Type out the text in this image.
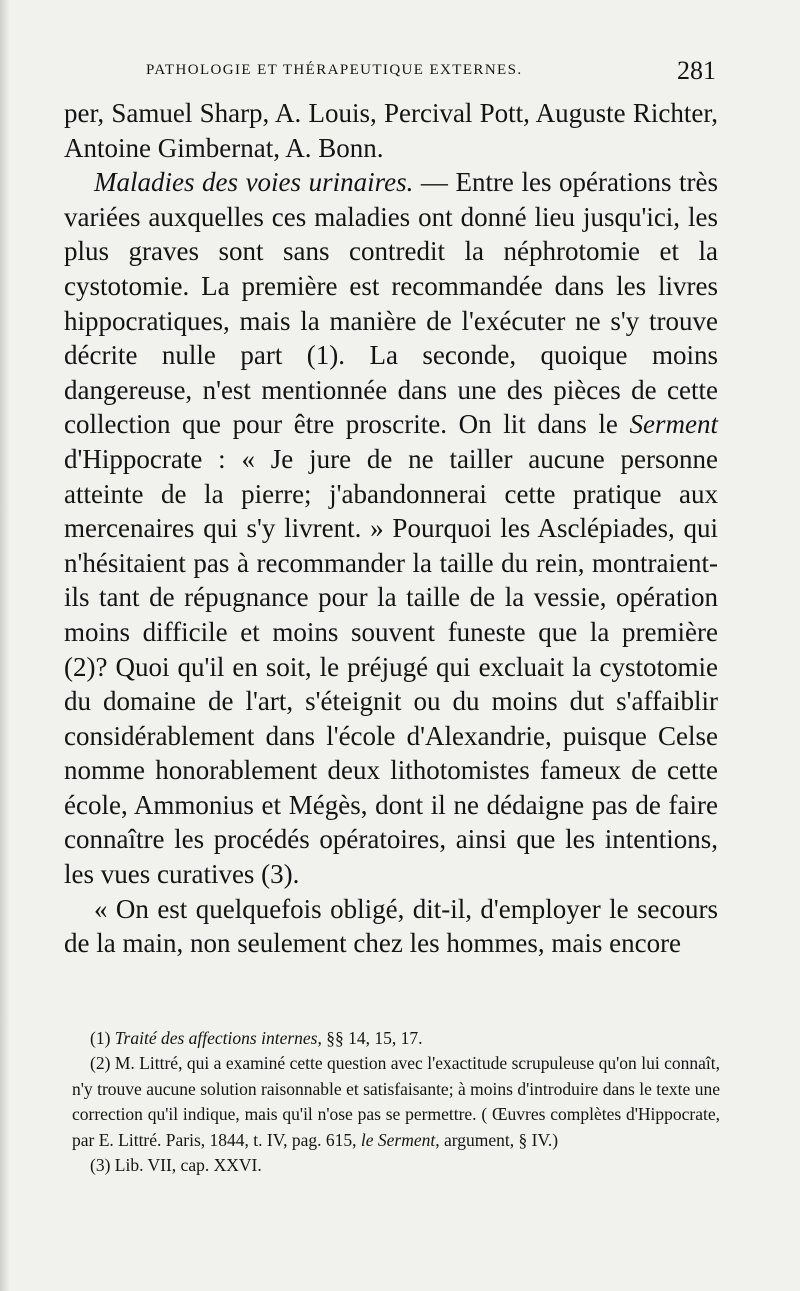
PATHOLOGIE ET THÉRAPEUTIQUE EXTERNES.	281

per, Samuel Sharp, A. Louis, Percival Pott, Auguste Richter, Antoine Gimbernat, A. Bonn.

Maladies des voies urinaires. — Entre les opérations très variées auxquelles ces maladies ont donné lieu jusqu'ici, les plus graves sont sans contredit la néphrotomie et la cystotomie. La première est recommandée dans les livres hippocratiques, mais la manière de l'exécuter ne s'y trouve décrite nulle part (1). La seconde, quoique moins dangereuse, n'est mentionnée dans une des pièces de cette collection que pour être proscrite. On lit dans le Serment d'Hippocrate : « Je jure de ne tailler aucune personne atteinte de la pierre; j'abandonnerai cette pratique aux mercenaires qui s'y livrent. » Pourquoi les Asclépiades, qui n'hésitaient pas à recommander la taille du rein, montraient-ils tant de répugnance pour la taille de la vessie, opération moins difficile et moins souvent funeste que la première (2)? Quoi qu'il en soit, le préjugé qui excluait la cystotomie du domaine de l'art, s'éteignit ou du moins dut s'affaiblir considérablement dans l'école d'Alexandrie, puisque Celse nomme honorablement deux lithotomistes fameux de cette école, Ammonius et Mégès, dont il ne dédaigne pas de faire connaître les procédés opératoires, ainsi que les intentions, les vues curatives (3).

« On est quelquefois obligé, dit-il, d'employer le secours de la main, non seulement chez les hommes, mais encore

(1) Traité des affections internes, §§ 14, 15, 17.

(2) M. Littré, qui a examiné cette question avec l'exactitude scrupuleuse qu'on lui connaît, n'y trouve aucune solution raisonnable et satisfaisante; à moins d'introduire dans le texte une correction qu'il indique, mais qu'il n'ose pas se permettre. ( Œuvres complètes d'Hippocrate, par E. Littré. Paris, 1844, t. IV, pag. 615, le Serment, argument, § IV.)

(3) Lib. VII, cap. XXVI.
